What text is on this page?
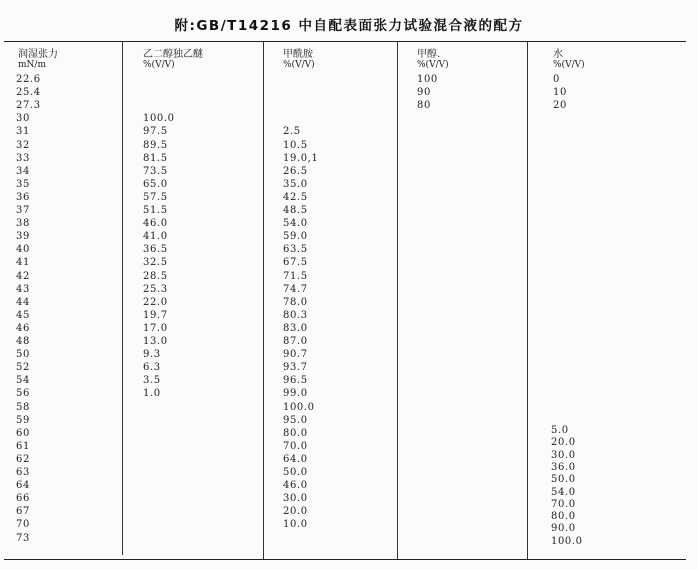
附:GB/T14216 中自配表面张力试验混合液的配方
润湿张力
mN/m
乙二醇独乙醚
%(V/V)
甲酰胺
%(V/V)
甲醇.
%(V/V)
水
%(V/V)
22.6
25.4
27.3
30
31
32
33
34
35
36
37
38
39
40
41
42
43
44
45
46
48
50
52
54
56
58
59
60
61
62
63
64
66
67
70
73
100.0
97.5
89.5
81.5
73.5
65.0
57.5
51.5
46.0
41.0
36.5
32.5
28.5
25.3
22.0
19.7
17.0
13.0
9.3
6.3
3.5
1.0
2.5
10.5
19.0,1
26.5
35.0
42.5
48.5
54.0
59.0
63.5
67.5
71.5
74.7
78.0
80.3
83.0
87.0
90.7
93.7
96.5
99.0
100.0
95.0
80.0
70.0
64.0
50.0
46.0
30.0
20.0
10.0
100
90
80
0
10
20
5.0
20.0
30.0
36.0
50.0
54.0
70.0
80.0
90.0
100.0
